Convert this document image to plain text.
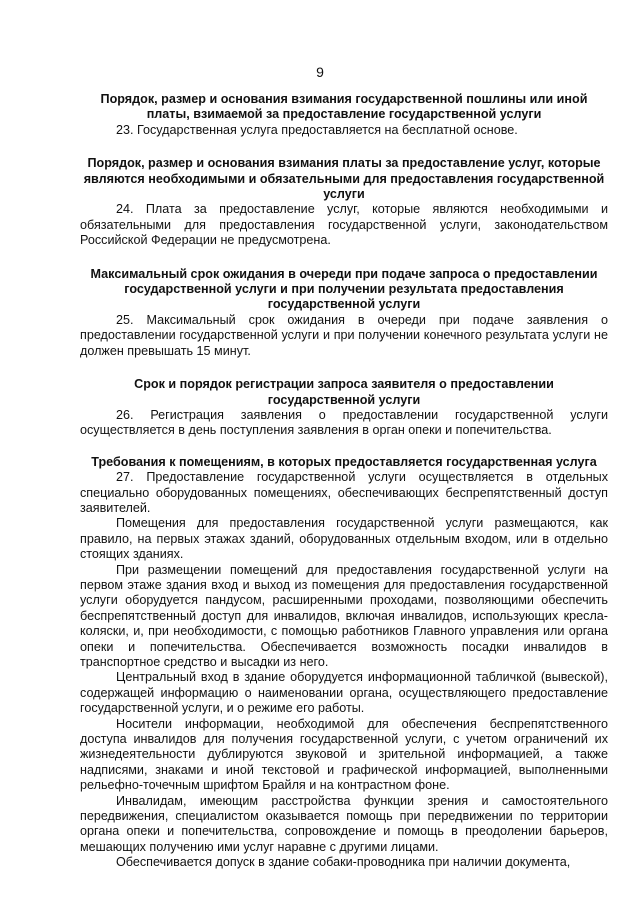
9

Порядок, размер и основания взимания государственной пошлины или иной платы, взимаемой за предоставление государственной услуги

23. Государственная услуга предоставляется на бесплатной основе.

Порядок, размер и основания взимания платы за предоставление услуг, которые являются необходимыми и обязательными для предоставления государственной услуги

24. Плата за предоставление услуг, которые являются необходимыми и обязательными для предоставления государственной услуги, законодательством Российской Федерации не предусмотрена.

Максимальный срок ожидания в очереди при подаче запроса о предоставлении государственной услуги и при получении результата предоставления государственной услуги

25. Максимальный срок ожидания в очереди при подаче заявления о предоставлении государственной услуги и при получении конечного результата услуги не должен превышать 15 минут.

Срок и порядок регистрации запроса заявителя о предоставлении государственной услуги

26. Регистрация заявления о предоставлении государственной услуги осуществляется в день поступления заявления в орган опеки и попечительства.

Требования к помещениям, в которых предоставляется государственная услуга

27. Предоставление государственной услуги осуществляется в отдельных специально оборудованных помещениях, обеспечивающих беспрепятственный доступ заявителей.

Помещения для предоставления государственной услуги размещаются, как правило, на первых этажах зданий, оборудованных отдельным входом, или в отдельно стоящих зданиях.

При размещении помещений для предоставления государственной услуги на первом этаже здания вход и выход из помещения для предоставления государственной услуги оборудуется пандусом, расширенными проходами, позволяющими обеспечить беспрепятственный доступ для инвалидов, включая инвалидов, использующих кресла-коляски, и, при необходимости, с помощью работников Главного управления или органа опеки и попечительства. Обеспечивается возможность посадки инвалидов в транспортное средство и высадки из него.

Центральный вход в здание оборудуется информационной табличкой (вывеской), содержащей информацию о наименовании органа, осуществляющего предоставление государственной услуги, и о режиме его работы.

Носители информации, необходимой для обеспечения беспрепятственного доступа инвалидов для получения государственной услуги, с учетом ограничений их жизнедеятельности дублируются звуковой и зрительной информацией, а также надписями, знаками и иной текстовой и графической информацией, выполненными рельефно-точечным шрифтом Брайля и на контрастном фоне.

Инвалидам, имеющим расстройства функции зрения и самостоятельного передвижения, специалистом оказывается помощь при передвижении по территории органа опеки и попечительства, сопровождение и помощь в преодолении барьеров, мешающих получению ими услуг наравне с другими лицами.

Обеспечивается допуск в здание собаки-проводника при наличии документа,
